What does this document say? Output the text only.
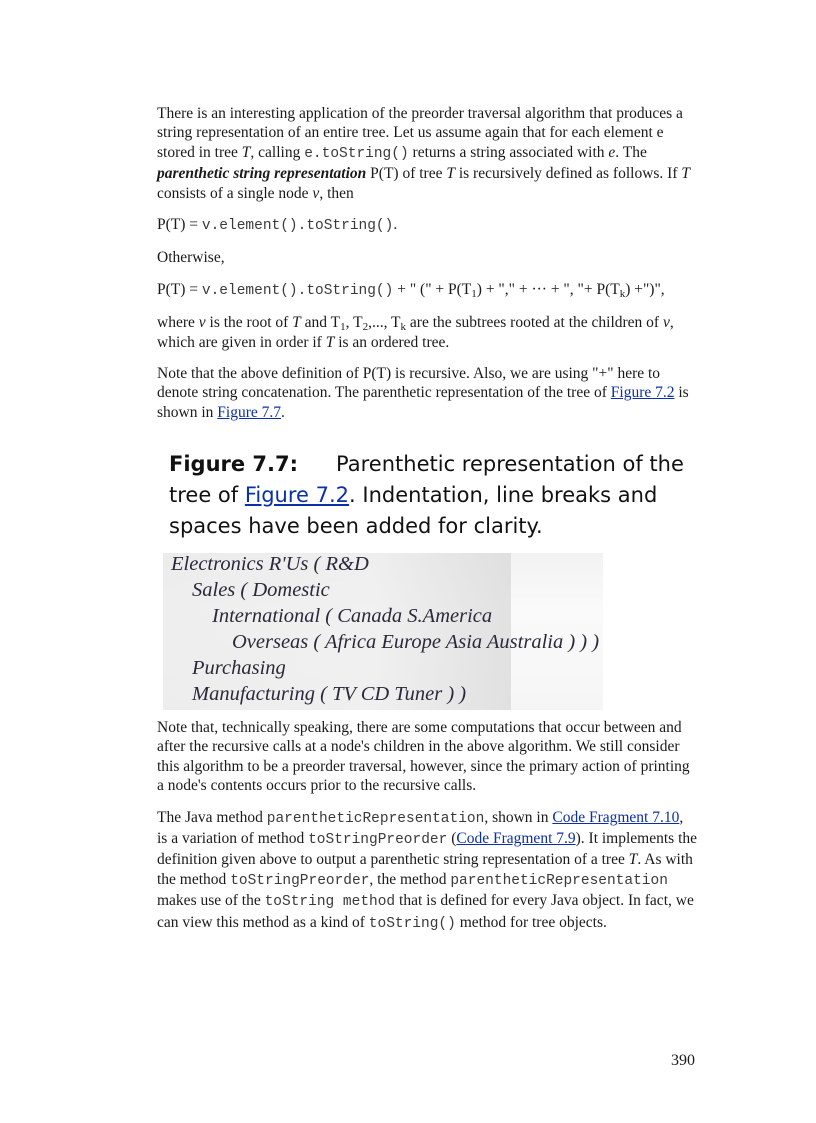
There is an interesting application of the preorder traversal algorithm that produces a string representation of an entire tree. Let us assume again that for each element e stored in tree T, calling e.toString() returns a string associated with e. The parenthetic string representation P(T) of tree T is recursively defined as follows. If T consists of a single node v, then

P(T) = v.element().toString().

Otherwise,

P(T) = v.element().toString() + " (" + $P(T_1)$ + "," + ··· + ", "+ $P(T_k)$ +")",

where v is the root of T and $T_1$, $T_2$,..., $T_k$ are the subtrees rooted at the children of v, which are given in order if T is an ordered tree.

Note that the above definition of P(T) is recursive. Also, we are using "+" here to denote string concatenation. The parenthetic representation of the tree of Figure 7.2 is shown in Figure 7.7.

Figure 7.7: Parenthetic representation of the tree of Figure 7.2. Indentation, line breaks and spaces have been added for clarity.
Electronics R'Us ( R&D
Sales ( Domestic
International ( Canada S.America
Overseas ( Africa Europe Asia Australia ) ) )
Purchasing
Manufacturing ( TV CD Tuner ) )

Note that, technically speaking, there are some computations that occur between and after the recursive calls at a node's children in the above algorithm. We still consider this algorithm to be a preorder traversal, however, since the primary action of printing a node's contents occurs prior to the recursive calls.

The Java method parentheticRepresentation, shown in Code Fragment 7.10, is a variation of method toStringPreorder (Code Fragment 7.9). It implements the definition given above to output a parenthetic string representation of a tree T. As with the method toStringPreorder, the method parentheticRepresentation makes use of the toString method that is defined for every Java object. In fact, we can view this method as a kind of toString() method for tree objects.

390
